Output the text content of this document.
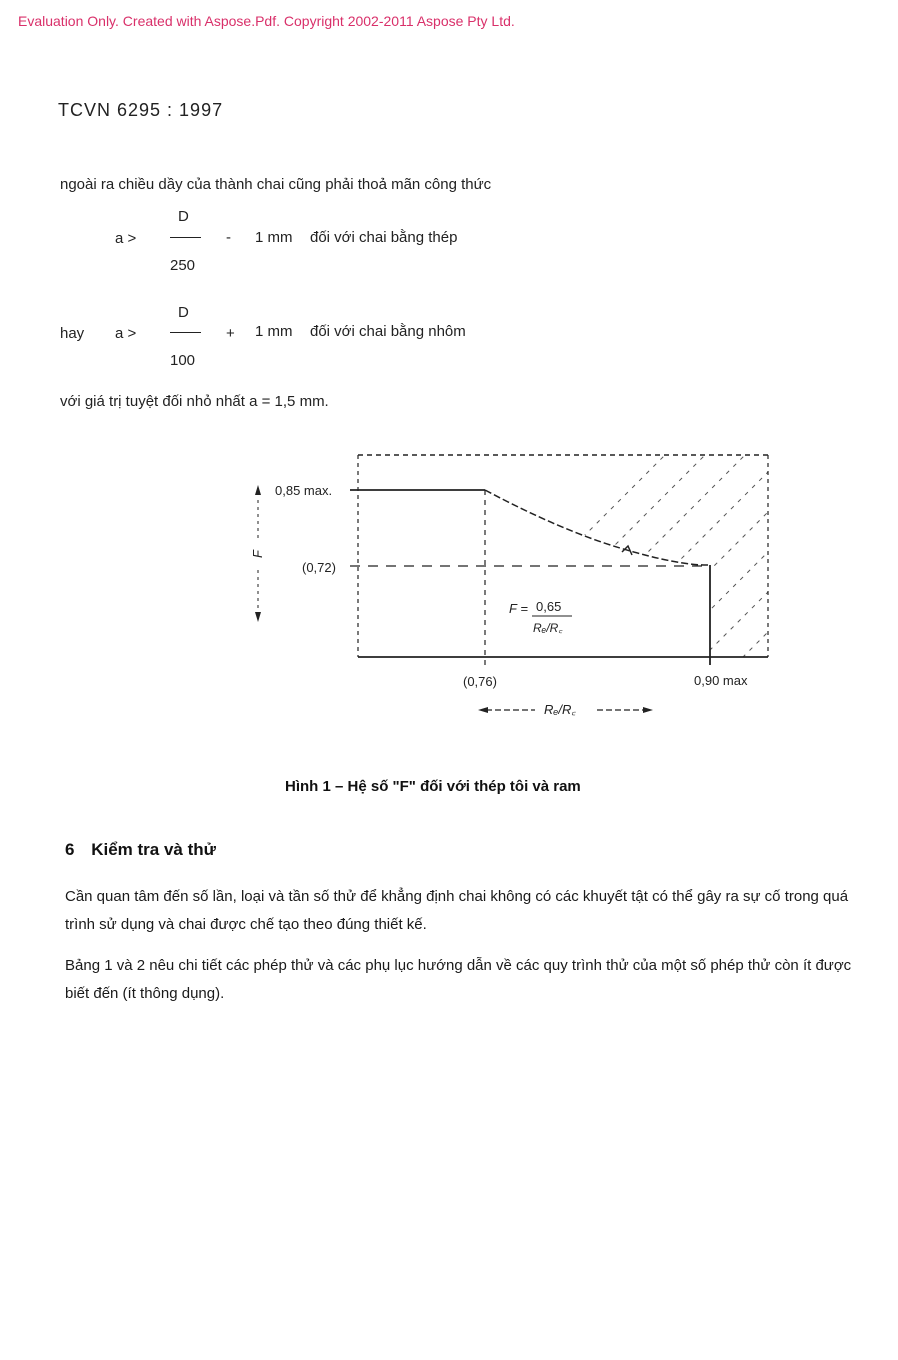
Evaluation Only. Created with Aspose.Pdf. Copyright 2002-2011 Aspose Pty Ltd.
TCVN 6295 : 1997
ngoài ra chiều dầy của thành chai cũng phải thoả mãn công thức
a >
D
250
- 1 mm đối với chai bằng thép
hay a >
D
100
+ 1 mm đối với chai bằng nhôm
với giá trị tuyệt đối nhỏ nhất a = 1,5 mm.
0,85 max.
(0,72)
F
(0,76)	0,90 max
Rₑ/R꜀
F = 0,65
Rₑ/R꜀
Hình 1 – Hệ số "F" đối với thép tôi và ram
6 Kiểm tra và thử
Cần quan tâm đến số lần, loại và tần số thử để khẳng định chai không có các khuyết tật có thể gây ra sự cố trong quá trình sử dụng và chai được chế tạo theo đúng thiết kế.
Bảng 1 và 2 nêu chi tiết các phép thử và các phụ lục hướng dẫn về các quy trình thử của một số phép thử còn ít được biết đến (ít thông dụng).
